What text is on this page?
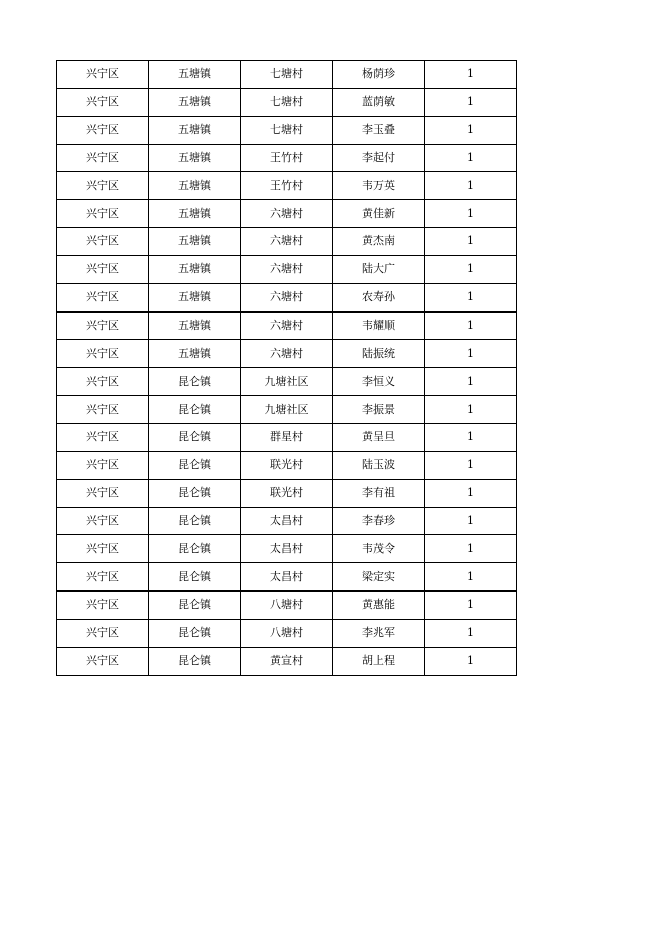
兴宁区	五塘镇	七塘村	杨荫珍	1
兴宁区	五塘镇	七塘村	蓝荫敏	1
兴宁区	五塘镇	七塘村	李玉叠	1
兴宁区	五塘镇	王竹村	李起付	1
兴宁区	五塘镇	王竹村	韦万英	1
兴宁区	五塘镇	六塘村	黄佳新	1
兴宁区	五塘镇	六塘村	黄杰南	1
兴宁区	五塘镇	六塘村	陆大广	1
兴宁区	五塘镇	六塘村	农寿孙	1
兴宁区	五塘镇	六塘村	韦耀顺	1
兴宁区	五塘镇	六塘村	陆振统	1
兴宁区	昆仑镇	九塘社区	李恒义	1
兴宁区	昆仑镇	九塘社区	李振景	1
兴宁区	昆仑镇	群星村	黄呈旦	1
兴宁区	昆仑镇	联光村	陆玉波	1
兴宁区	昆仑镇	联光村	李有祖	1
兴宁区	昆仑镇	太昌村	李春珍	1
兴宁区	昆仑镇	太昌村	韦茂令	1
兴宁区	昆仑镇	太昌村	梁定实	1
兴宁区	昆仑镇	八塘村	黄惠能	1
兴宁区	昆仑镇	八塘村	李兆军	1
兴宁区	昆仑镇	黄宣村	胡上程	1
